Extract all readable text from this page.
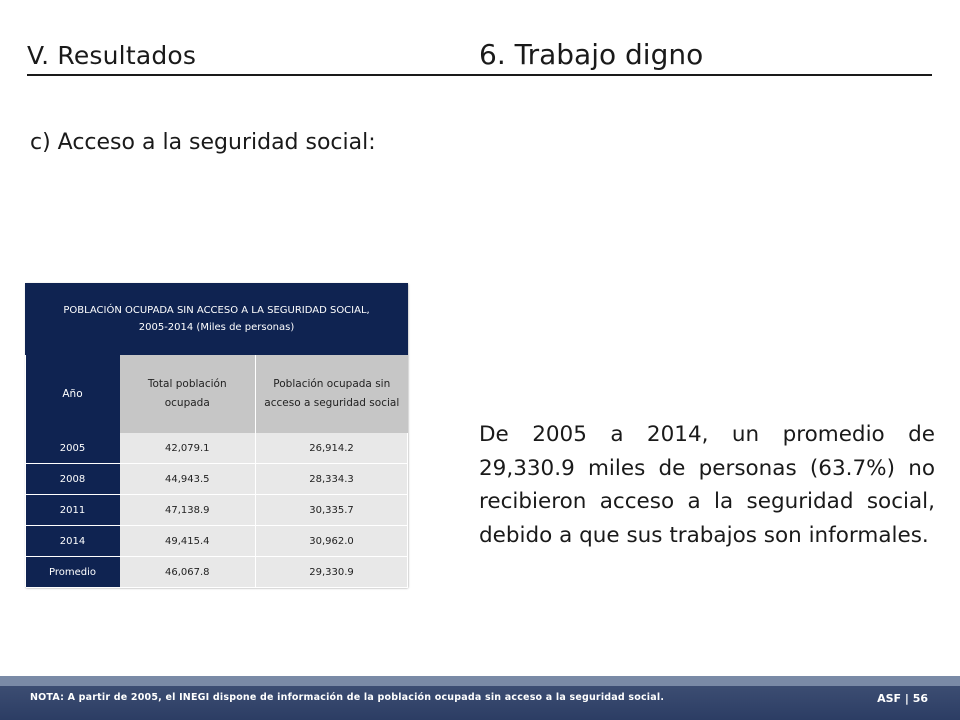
V. Resultados	6. Trabajo digno
c) Acceso a la seguridad social:
POBLACIÓN OCUPADA SIN ACCESO A LA SEGURIDAD SOCIAL,
2005-2014 (Miles de personas)		
Año	Total población ocupada	Población ocupada sin acceso a seguridad social

2005	42,079.1	26,914.2
2008	44,943.5	28,334.3
2011	47,138.9	30,335.7
2014	49,415.4	30,962.0
Promedio	46,067.8	29,330.9
De 2005 a 2014, un promedio de 29,330.9 miles de personas (63.7%) no recibieron acceso a la seguridad social, debido a que sus trabajos son informales.
NOTA: A partir de 2005, el INEGI dispone de información de la población ocupada sin acceso a la seguridad social.	ASF | 56
